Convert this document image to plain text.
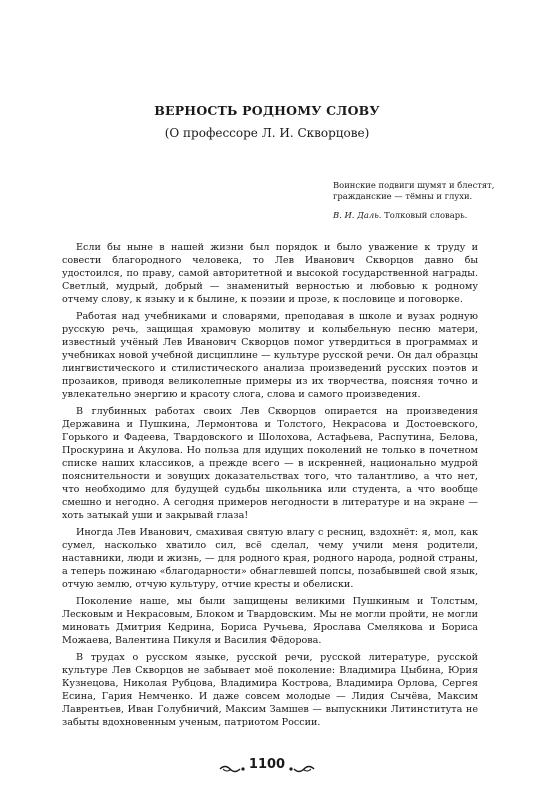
ВЕРНОСТЬ РОДНОМУ СЛОВУ
(О профессоре Л. И. Скворцове)
Воинские подвиги шумят и блестят,
гражданские — тёмны и глухи.
В. И. Даль. Толковый словарь.

Если бы ныне в нашей жизни был порядок и было уважение к труду и совести благородного человека, то Лев Иванович Скворцов давно бы удостоился, по праву, самой авторитетной и высокой государственной награды. Светлый, мудрый, добрый — знаменитый верностью и любовью к родному отчему слову, к языку и к былине, к поэзии и прозе, к пословице и поговорке.

Работая над учебниками и словарями, преподавая в школе и вузах родную русскую речь, защищая храмовую молитву и колыбельную песню матери, известный учёный Лев Иванович Скворцов помог утвердиться в программах и учебниках новой учебной дисциплине — культуре русской речи. Он дал образцы лингвистического и стилистического анализа произведений русских поэтов и прозаиков, приводя великолепные примеры из их творчества, поясняя точно и увлекательно энергию и красоту слога, слова и самого произведения.

В глубинных работах своих Лев Скворцов опирается на произведения Державина и Пушкина, Лермонтова и Толстого, Некрасова и Достоевского, Горького и Фадеева, Твардовского и Шолохова, Астафьева, Распутина, Белова, Проскурина и Акулова. Но польза для идущих поколений не только в почетном списке наших классиков, а прежде всего — в искренней, национально мудрой пояснительности и зовущих доказательствах того, что талантливо, а что нет, что необходимо для будущей судьбы школьника или студента, а что вообще смешно и негодно. А сегодня примеров негодности в литературе и на экране — хоть затыкай уши и закрывай глаза!

Иногда Лев Иванович, смахивая святую влагу с ресниц, вздохнёт: я, мол, как сумел, насколько хватило сил, всё сделал, чему учили меня родители, наставники, люди и жизнь, — для родного края, родного народа, родной страны, а теперь пожинаю «благодарности» обнаглевшей попсы, позабывшей свой язык, отчую землю, отчую культуру, отчие кресты и обелиски.

Поколение наше, мы были защищены великими Пушкиным и Толстым, Лесковым и Некрасовым, Блоком и Твардовским. Мы не могли пройти, не могли миновать Дмитрия Кедрина, Бориса Ручьева, Ярослава Смелякова и Бориса Можаева, Валентина Пикуля и Василия Фёдорова.

В трудах о русском языке, русской речи, русской литературе, русской культуре Лев Скворцов не забывает моё поколение: Владимира Цыбина, Юрия Кузнецова, Николая Рубцова, Владимира Кострова, Владимира Орлова, Сергея Есина, Гария Немченко. И даже совсем молодые — Лидия Сычёва, Максим Лаврентьев, Иван Голубничий, Максим Замшев — выпускники Литинститута не забыты вдохновенным ученым, патриотом России.

1100
